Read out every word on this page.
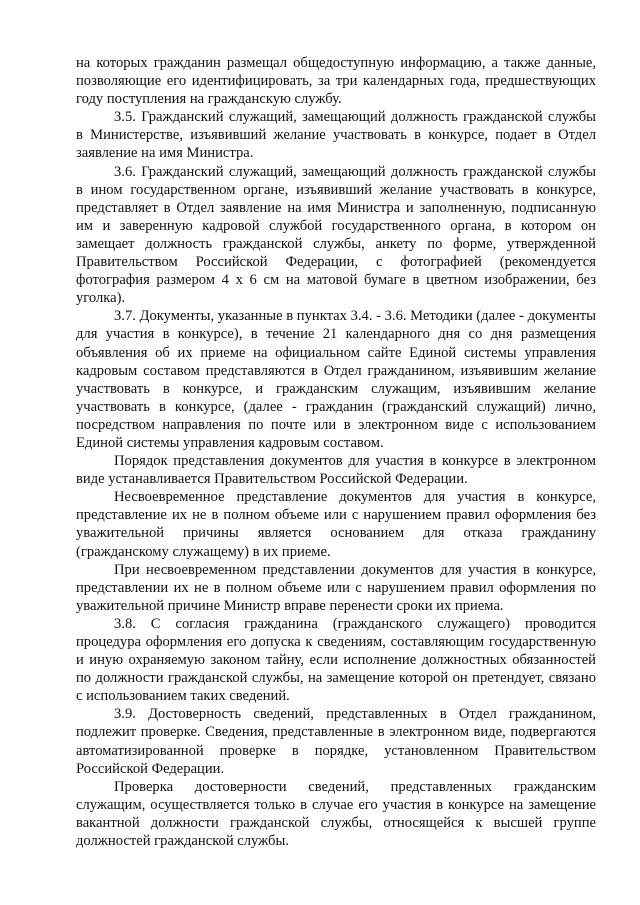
на которых гражданин размещал общедоступную информацию, а также данные, позволяющие его идентифицировать, за три календарных года, предшествующих году поступления на гражданскую службу.

3.5. Гражданский служащий, замещающий должность гражданской службы в Министерстве, изъявивший желание участвовать в конкурсе, подает в Отдел заявление на имя Министра.

3.6. Гражданский служащий, замещающий должность гражданской службы в ином государственном органе, изъявивший желание участвовать в конкурсе, представляет в Отдел заявление на имя Министра и заполненную, подписанную им и заверенную кадровой службой государственного органа, в котором он замещает должность гражданской службы, анкету по форме, утвержденной Правительством Российской Федерации, с фотографией (рекомендуется фотография размером 4 х 6 см на матовой бумаге в цветном изображении, без уголка).

3.7. Документы, указанные в пунктах 3.4. - 3.6. Методики (далее - документы для участия в конкурсе), в течение 21 календарного дня со дня размещения объявления об их приеме на официальном сайте Единой системы управления кадровым составом представляются в Отдел гражданином, изъявившим желание участвовать в конкурсе, и гражданским служащим, изъявившим желание участвовать в конкурсе, (далее - гражданин (гражданский служащий) лично, посредством направления по почте или в электронном виде с использованием Единой системы управления кадровым составом.

Порядок представления документов для участия в конкурсе в электронном виде устанавливается Правительством Российской Федерации.

Несвоевременное представление документов для участия в конкурсе, представление их не в полном объеме или с нарушением правил оформления без уважительной причины является основанием для отказа гражданину (гражданскому служащему) в их приеме.

При несвоевременном представлении документов для участия в конкурсе, представлении их не в полном объеме или с нарушением правил оформления по уважительной причине Министр вправе перенести сроки их приема.

3.8. С согласия гражданина (гражданского служащего) проводится процедура оформления его допуска к сведениям, составляющим государственную и иную охраняемую законом тайну, если исполнение должностных обязанностей по должности гражданской службы, на замещение которой он претендует, связано с использованием таких сведений.

3.9. Достоверность сведений, представленных в Отдел гражданином, подлежит проверке. Сведения, представленные в электронном виде, подвергаются автоматизированной проверке в порядке, установленном Правительством Российской Федерации.

Проверка достоверности сведений, представленных гражданским служащим, осуществляется только в случае его участия в конкурсе на замещение вакантной должности гражданской службы, относящейся к высшей группе должностей гражданской службы.
